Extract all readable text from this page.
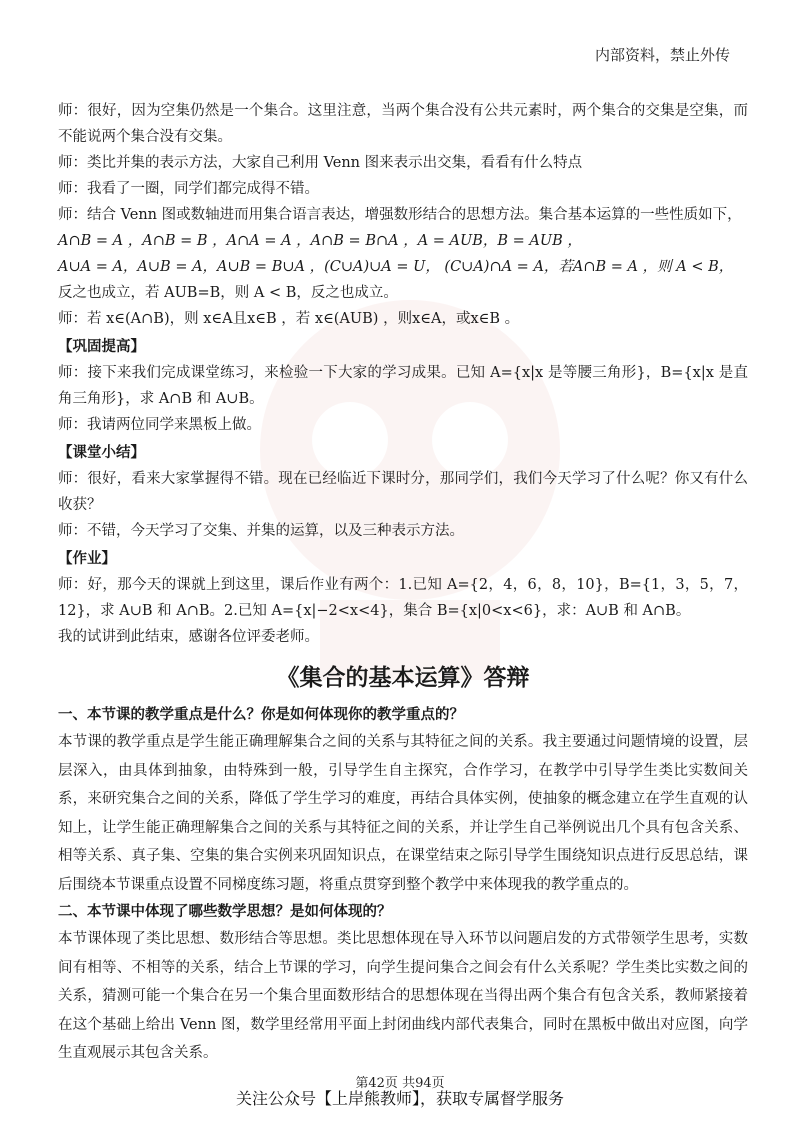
内部资料，禁止外传

师：很好，因为空集仍然是一个集合。这里注意，当两个集合没有公共元素时，两个集合的交集是空集，而不能说两个集合没有交集。

师：类比并集的表示方法，大家自己利用 Venn 图来表示出交集，看看有什么特点

师：我看了一圈，同学们都完成得不错。

师：结合 Venn 图或数轴进而用集合语言表达，增强数形结合的思想方法。集合基本运算的一些性质如下，

A∩B = A ，A∩B = B ，A∩A = A ，A∩B = B∩A ，A = AUB，B = AUB ，

A∪A = A，A∪B = A，A∪B = B∪A ，(C∪A)∪A = U， (C∪A)∩A = A，若A∩B = A ，则 A < B，

反之也成立，若 AUB=B，则 A < B，反之也成立。

师：若 x∈(A∩B)，则 x∈A且x∈B ，若 x∈(AUB) ，则x∈A，或x∈B 。

【巩固提高】

师：接下来我们完成课堂练习，来检验一下大家的学习成果。已知 A={x|x 是等腰三角形}，B={x|x 是直角三角形}，求 A∩B 和 A∪B。

师：我请两位同学来黑板上做。

【课堂小结】

师：很好，看来大家掌握得不错。现在已经临近下课时分，那同学们，我们今天学习了什么呢？你又有什么收获？

师：不错，今天学习了交集、并集的运算，以及三种表示方法。

【作业】

师：好，那今天的课就上到这里，课后作业有两个：1.已知 A={2，4，6，8，10}，B={1，3，5，7，12}，求 A∪B 和 A∩B。2.已知 A={x|−2<x<4}，集合 B={x|0<x<6}，求：A∪B 和 A∩B。

我的试讲到此结束，感谢各位评委老师。

《集合的基本运算》答辩

一、本节课的教学重点是什么？你是如何体现你的教学重点的？

本节课的教学重点是学生能正确理解集合之间的关系与其特征之间的关系。我主要通过问题情境的设置，层层深入，由具体到抽象，由特殊到一般，引导学生自主探究，合作学习，在教学中引导学生类比实数间关系，来研究集合之间的关系，降低了学生学习的难度，再结合具体实例，使抽象的概念建立在学生直观的认知上，让学生能正确理解集合之间的关系与其特征之间的关系，并让学生自己举例说出几个具有包含关系、相等关系、真子集、空集的集合实例来巩固知识点，在课堂结束之际引导学生围绕知识点进行反思总结，课后围绕本节课重点设置不同梯度练习题，将重点贯穿到整个教学中来体现我的教学重点的。

二、本节课中体现了哪些数学思想？是如何体现的？

本节课体现了类比思想、数形结合等思想。类比思想体现在导入环节以问题启发的方式带领学生思考，实数间有相等、不相等的关系，结合上节课的学习，向学生提问集合之间会有什么关系呢？学生类比实数之间的关系，猜测可能一个集合在另一个集合里面数形结合的思想体现在当得出两个集合有包含关系，教师紧接着在这个基础上给出 Venn 图，数学里经常用平面上封闭曲线内部代表集合，同时在黑板中做出对应图，向学生直观展示其包含关系。

第42页 共94页
关注公众号【上岸熊教师】，获取专属督学服务
